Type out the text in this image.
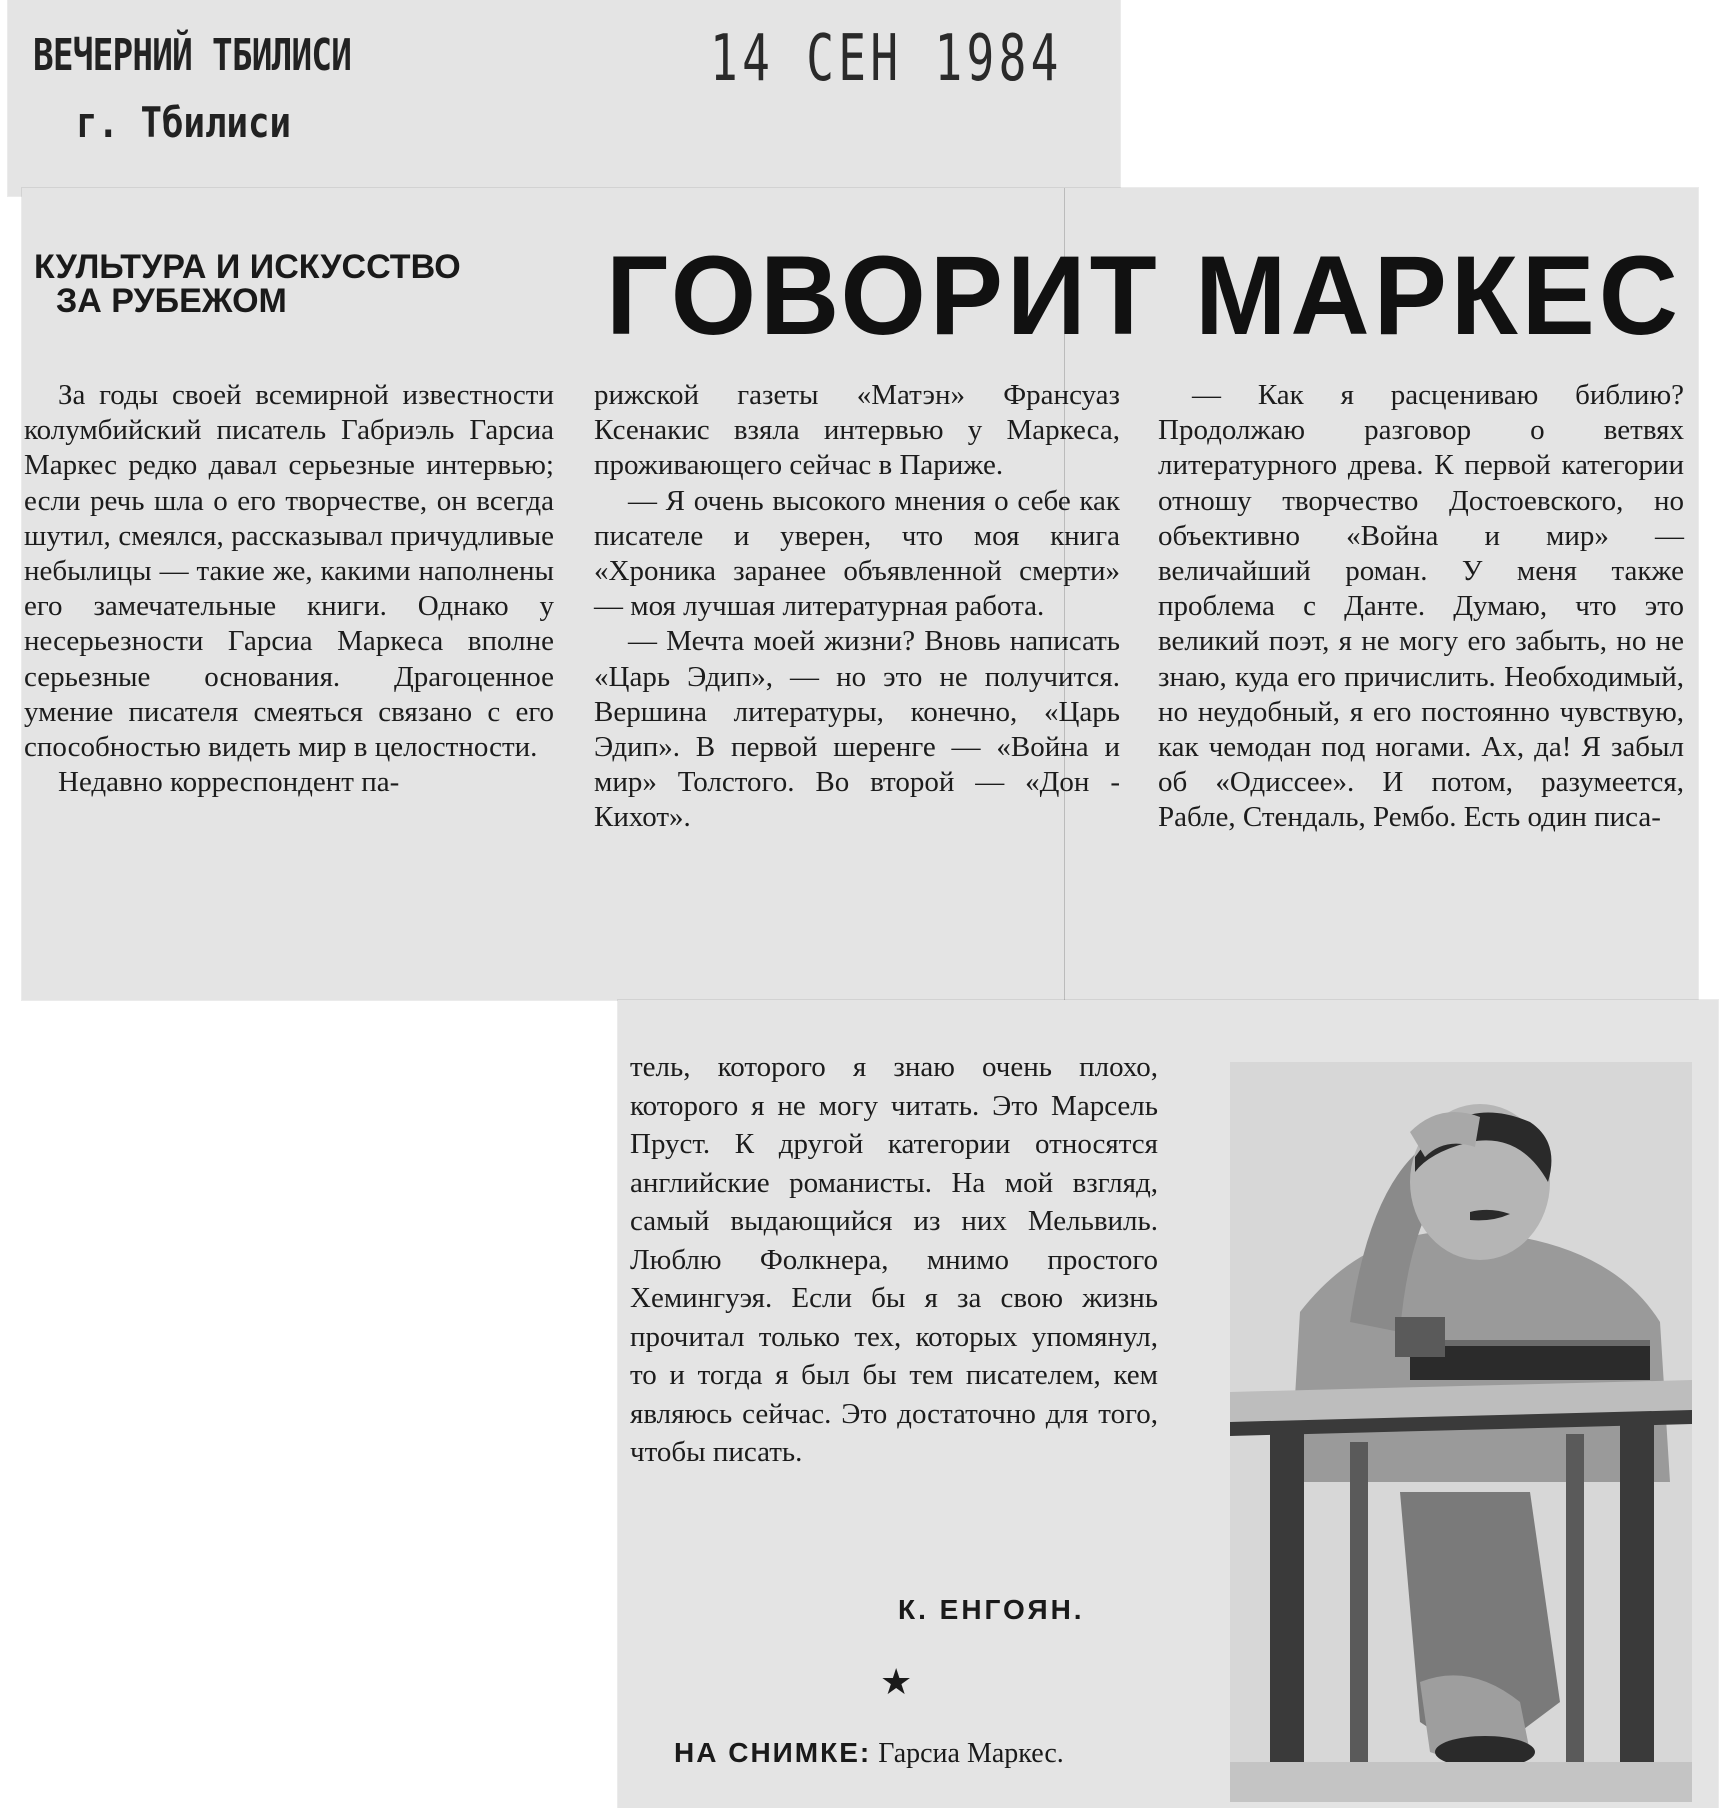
ВЕЧЕРНИЙ ТБИЛИСИ
г. Тбилиси
14 СЕН 1984
КУЛЬТУРА И ИСКУССТВО
ЗА РУБЕЖОМ	ГОВОРИТ МАРКЕС

За годы своей всемирной известности колумбийский писатель Габриэль Гарсиа Маркес редко давал серьезные интервью; если речь шла о его творчестве, он всегда шутил, смеялся, рассказывал причудливые небылицы — такие же, какими наполнены его замечательные книги. Однако у несерьезности Гарсиа Маркеса вполне серьезные основания. Драгоценное умение писателя смеяться связано с его способностью видеть мир в целостности.

Недавно корреспондент па-

рижской газеты «Матэн» Франсуаз Ксенакис взяла интервью у Маркеса, проживающего сейчас в Париже.

— Я очень высокого мнения о себе как писателе и уверен, что моя книга «Хроника заранее объявленной смерти» — моя лучшая литературная работа.

— Мечта моей жизни? Вновь написать «Царь Эдип», — но это не получится. Вершина литературы, конечно, «Царь Эдип». В первой шеренге — «Война и мир» Толстого. Во второй — «Дон - Кихот».

— Как я расцениваю библию? Продолжаю разговор о ветвях литературного древа. К первой категории отношу творчество Достоевского, но объективно «Война и мир» — величайший роман. У меня также проблема с Данте. Думаю, что это великий поэт, я не могу его забыть, но не знаю, куда его причислить. Необходимый, но неудобный, я его постоянно чувствую, как чемодан под ногами. Ах, да! Я забыл об «Одиссее». И потом, разумеется, Рабле, Стендаль, Рембо. Есть один писа-

тель, которого я знаю очень плохо, которого я не могу читать. Это Марсель Пруст. К другой категории относятся английские романисты. На мой взгляд, самый выдающийся из них Мельвиль. Люблю Фолкнера, мнимо простого Хемингуэя. Если бы я за свою жизнь прочитал только тех, которых упомянул, то и тогда я был бы тем писателем, кем являюсь сейчас. Это достаточно для того, чтобы писать.

К. ЕНГОЯН.
★
НА СНИМКЕ: Гарсиа Маркес.
